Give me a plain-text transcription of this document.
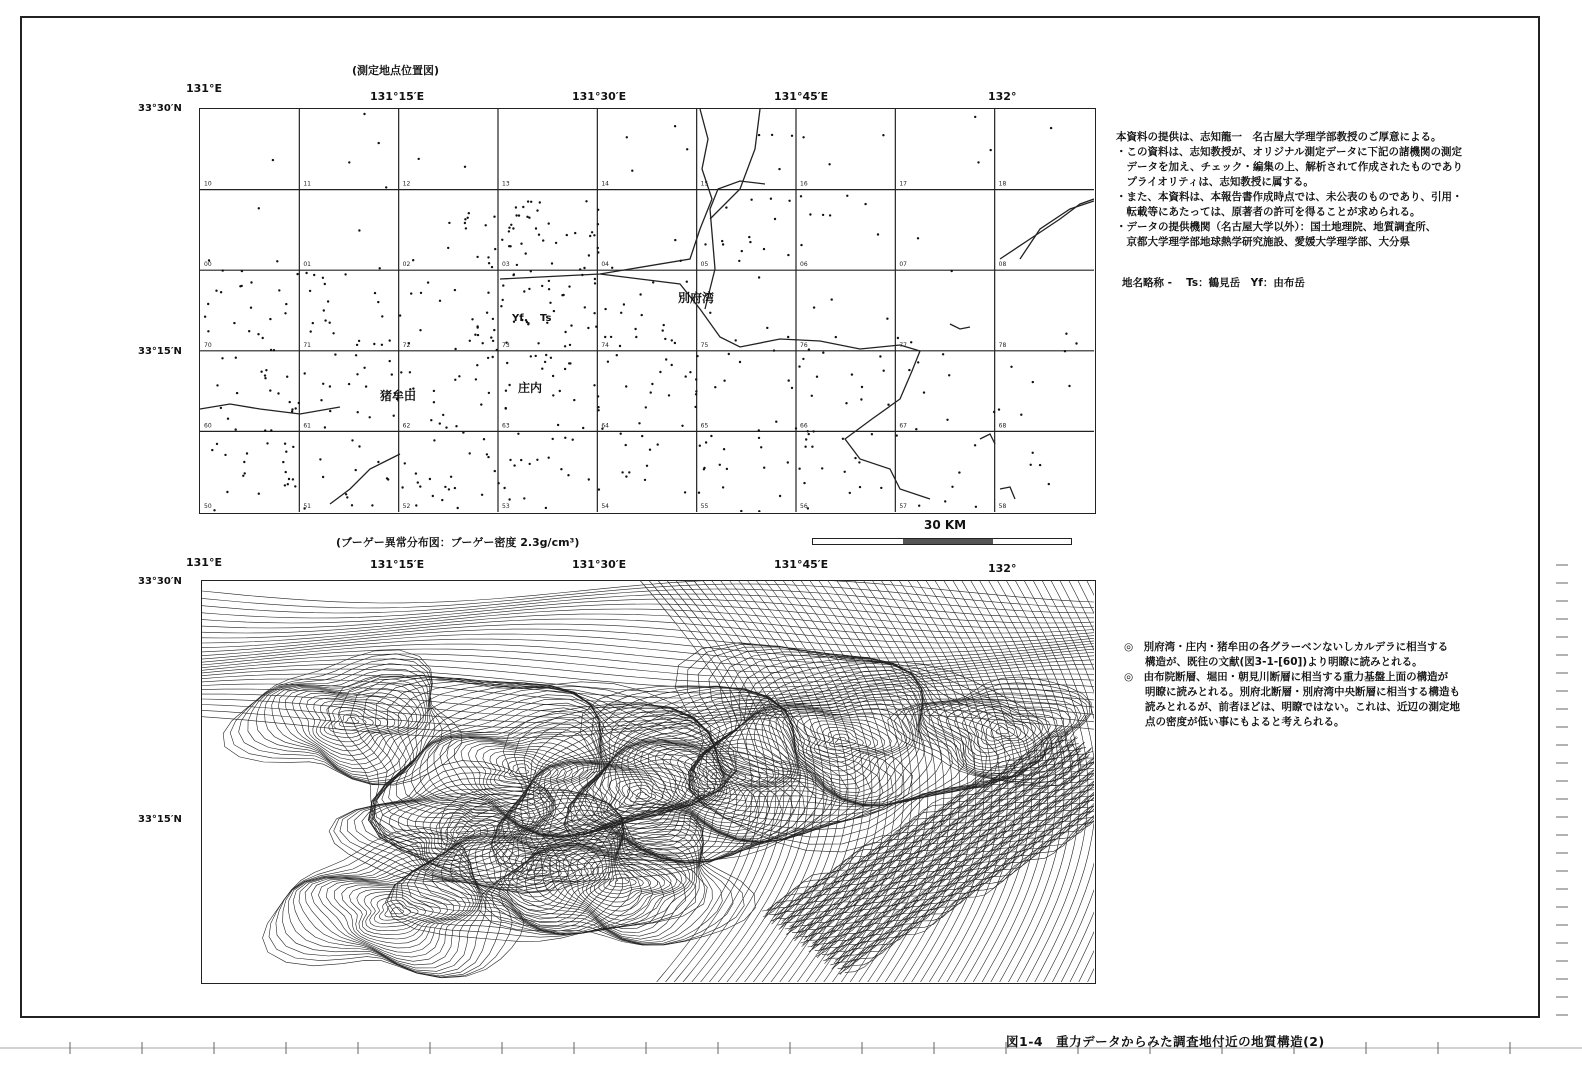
(測定地点位置図)
131°E
131°15′E	131°30′E	131°45′E	132°
33°30′N
33°15′N
10	11	12	13	14	15	16	17	18
00	01	02	03	04	05	06	07	08
70	71	72	73	74	75	76	77	78
60	61	62	63	64	65	66	67	68
50	51	52	53	54	55	56	57	58
別府湾
猪牟田
庄内
Yf Ts
30 KM
(ブーゲー異常分布図：ブーゲー密度 2.3g/cm³)
131°E	131°15′E	131°30′E	131°45′E	132°
33°30′N
33°15′N

本資料の提供は、志知龍一　名古屋大学理学部教授のご厚意による。

・この資料は、志知教授が、オリジナル測定データに下記の諸機関の測定

　データを加え、チェック・編集の上、解析されて作成されたものであり

　プライオリティは、志知教授に属する。

・また、本資料は、本報告書作成時点では、未公表のものであり、引用・

　転載等にあたっては、原著者の許可を得ることが求められる。

・データの提供機関（名古屋大学以外）：国土地理院、地質調査所、

　京都大学理学部地球熱学研究施設、愛媛大学理学部、大分県

地名略称 -　 Ts：鶴見岳　Yf：由布岳

◎　別府湾・庄内・猪牟田の各グラーベンないしカルデラに相当する

　　構造が、既往の文献(図3-1-[60])より明瞭に読みとれる。

◎　由布院断層、堀田・朝見川断層に相当する重力基盤上面の構造が

　　明瞭に読みとれる。別府北断層・別府湾中央断層に相当する構造も

　　読みとれるが、前者ほどは、明瞭ではない。これは、近辺の測定地

　　点の密度が低い事にもよると考えられる。

図1-4　重力データからみた調査地付近の地質構造(2)
